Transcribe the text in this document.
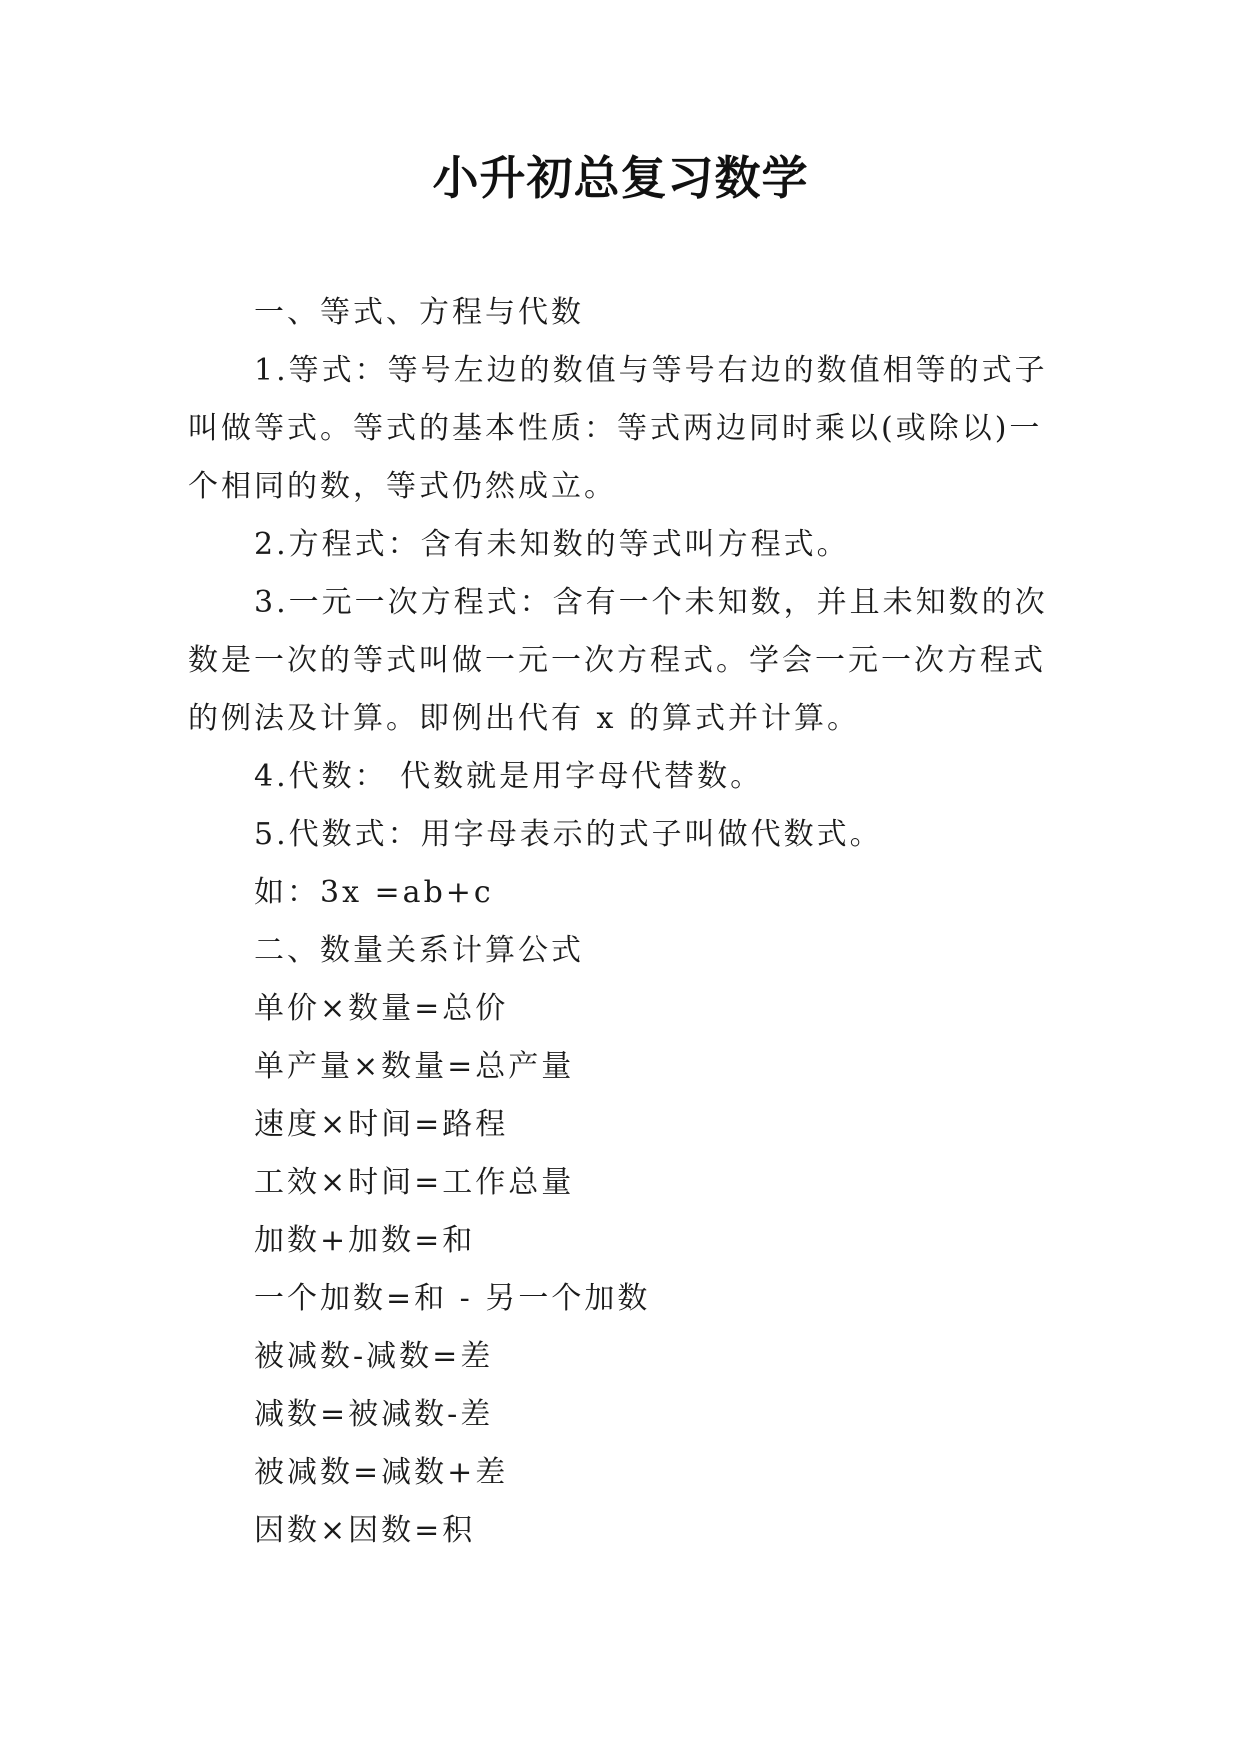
小升初总复习数学
一、等式、方程与代数
1.等式：等号左边的数值与等号右边的数值相等的式子
叫做等式。等式的基本性质：等式两边同时乘以(或除以)一
个相同的数，等式仍然成立。
2.方程式：含有未知数的等式叫方程式。
3.一元一次方程式：含有一个未知数，并且未知数的次
数是一次的等式叫做一元一次方程式。学会一元一次方程式
的例法及计算。即例出代有 x 的算式并计算。
4.代数： 代数就是用字母代替数。
5.代数式：用字母表示的式子叫做代数式。
如：3x =ab+c
二、数量关系计算公式
单价×数量=总价
单产量×数量=总产量
速度×时间=路程
工效×时间=工作总量
加数+加数=和
一个加数=和 - 另一个加数
被减数-减数=差
减数=被减数-差
被减数=减数+差
因数×因数=积
